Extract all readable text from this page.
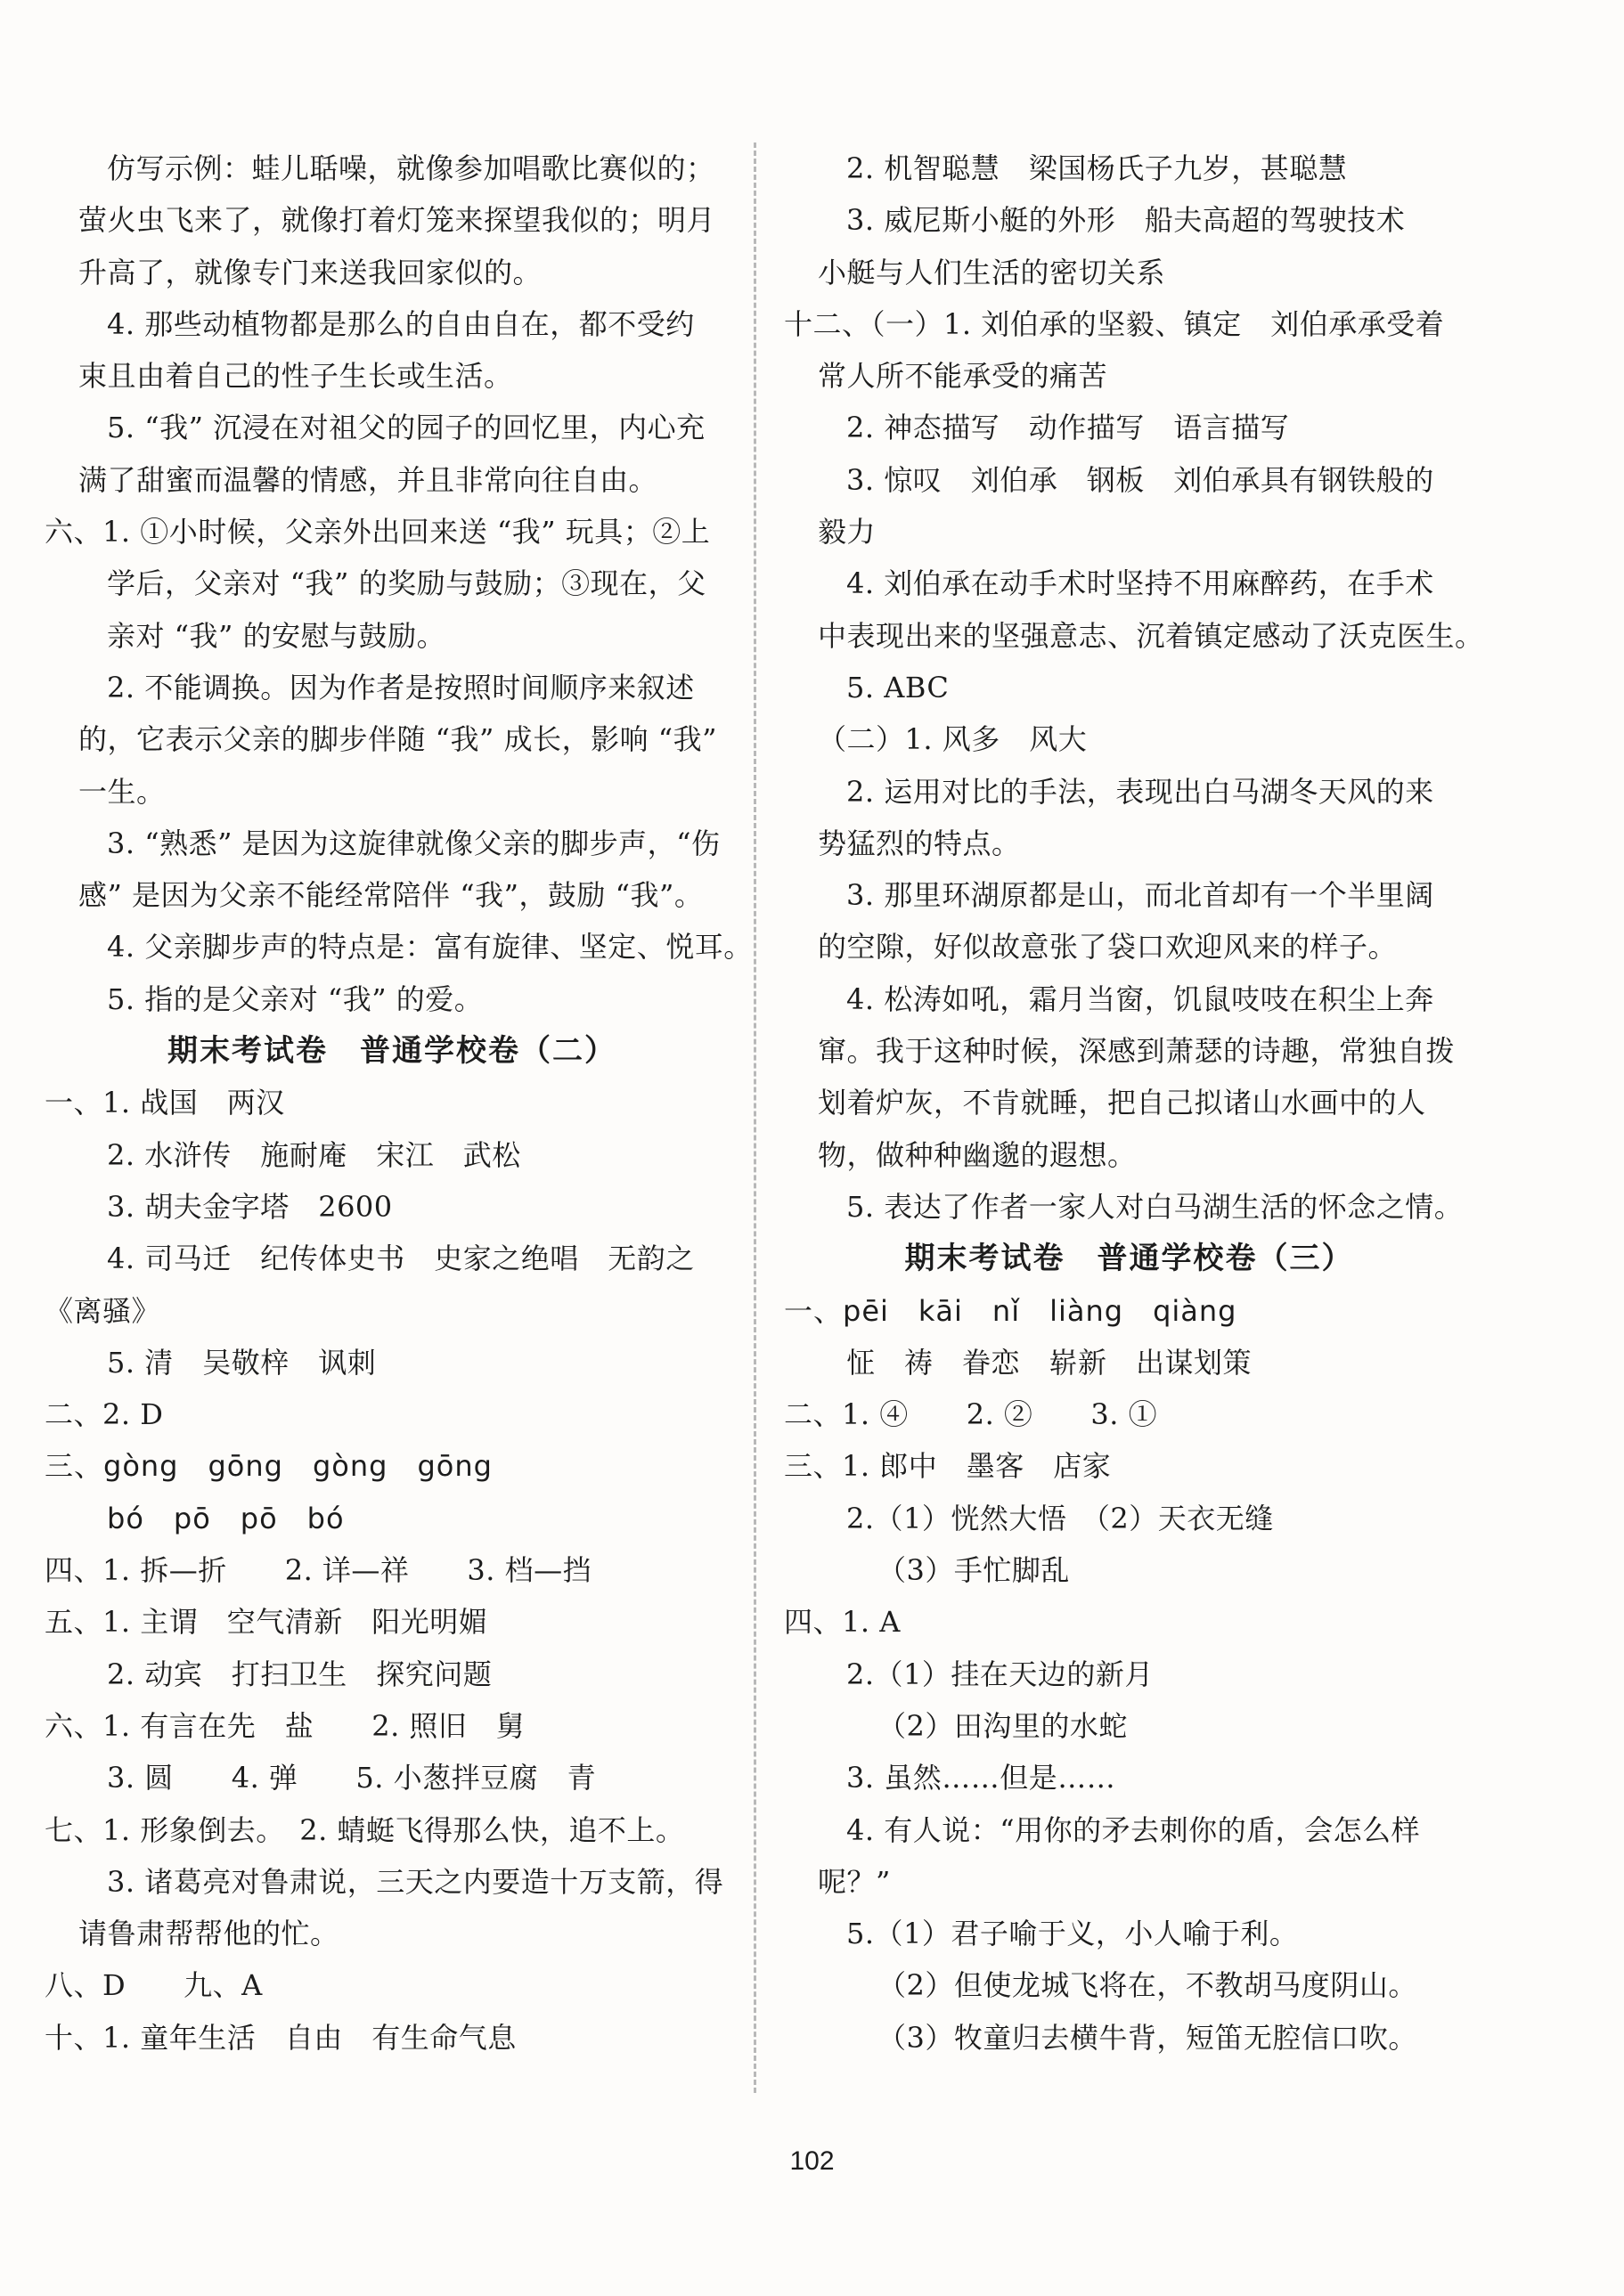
仿写示例：蛙儿聒噪，就像参加唱歌比赛似的；
萤火虫飞来了，就像打着灯笼来探望我似的；明月
升高了，就像专门来送我回家似的。
4. 那些动植物都是那么的自由自在，都不受约
束且由着自己的性子生长或生活。
5. “我” 沉浸在对祖父的园子的回忆里，内心充
满了甜蜜而温馨的情感，并且非常向往自由。
六、1. ①小时候，父亲外出回来送 “我” 玩具；②上
学后，父亲对 “我” 的奖励与鼓励；③现在，父
亲对 “我” 的安慰与鼓励。
2. 不能调换。因为作者是按照时间顺序来叙述
的，它表示父亲的脚步伴随 “我” 成长，影响 “我”
一生。
3. “熟悉” 是因为这旋律就像父亲的脚步声，“伤
感” 是因为父亲不能经常陪伴 “我”，鼓励 “我”。
4. 父亲脚步声的特点是：富有旋律、坚定、悦耳。
5. 指的是父亲对 “我” 的爱。
期末考试卷　普通学校卷（二）
一、1. 战国　两汉
2. 水浒传　施耐庵　宋江　武松
3. 胡夫金字塔　2600
4. 司马迁　纪传体史书　史家之绝唱　无韵之
《离骚》
5. 清　吴敬梓　讽刺
二、2. D
三、gòng　gōng　gòng　gōng
bó　pō　pō　bó
四、1. 拆—折　　2. 详—祥　　3. 档—挡
五、1. 主谓　空气清新　阳光明媚
2. 动宾　打扫卫生　探究问题
六、1. 有言在先　盐　　2. 照旧　舅
3. 圆　　4. 弹　　5. 小葱拌豆腐　青
七、1. 形象倒去。　2. 蜻蜓飞得那么快，追不上。
3. 诸葛亮对鲁肃说，三天之内要造十万支箭，得
请鲁肃帮帮他的忙。
八、D　　九、A
十、1. 童年生活　自由　有生命气息
2. 机智聪慧　梁国杨氏子九岁，甚聪慧
3. 威尼斯小艇的外形　船夫高超的驾驶技术
小艇与人们生活的密切关系
十二、（一）1. 刘伯承的坚毅、镇定　刘伯承承受着
常人所不能承受的痛苦
2. 神态描写　动作描写　语言描写
3. 惊叹　刘伯承　钢板　刘伯承具有钢铁般的
毅力
4. 刘伯承在动手术时坚持不用麻醉药，在手术
中表现出来的坚强意志、沉着镇定感动了沃克医生。
5. ABC
（二）1. 风多　风大
2. 运用对比的手法，表现出白马湖冬天风的来
势猛烈的特点。
3. 那里环湖原都是山，而北首却有一个半里阔
的空隙，好似故意张了袋口欢迎风来的样子。
4. 松涛如吼，霜月当窗，饥鼠吱吱在积尘上奔
窜。我于这种时候，深感到萧瑟的诗趣，常独自拨
划着炉灰，不肯就睡，把自己拟诸山水画中的人
物，做种种幽邈的遐想。
5. 表达了作者一家人对白马湖生活的怀念之情。
期末考试卷　普通学校卷（三）
一、pēi　kāi　nǐ　liàng　qiàng
怔　祷　眷恋　崭新　出谋划策
二、1. ④　　2. ②　　3. ①
三、1. 郎中　墨客　店家
2.（1）恍然大悟　（2）天衣无缝
（3）手忙脚乱
四、1. A
2.（1）挂在天边的新月
（2）田沟里的水蛇
3. 虽然……但是……
4. 有人说：“用你的矛去刺你的盾，会怎么样
呢？”
5.（1）君子喻于义，小人喻于利。
（2）但使龙城飞将在，不教胡马度阴山。
（3）牧童归去横牛背，短笛无腔信口吹。
102
